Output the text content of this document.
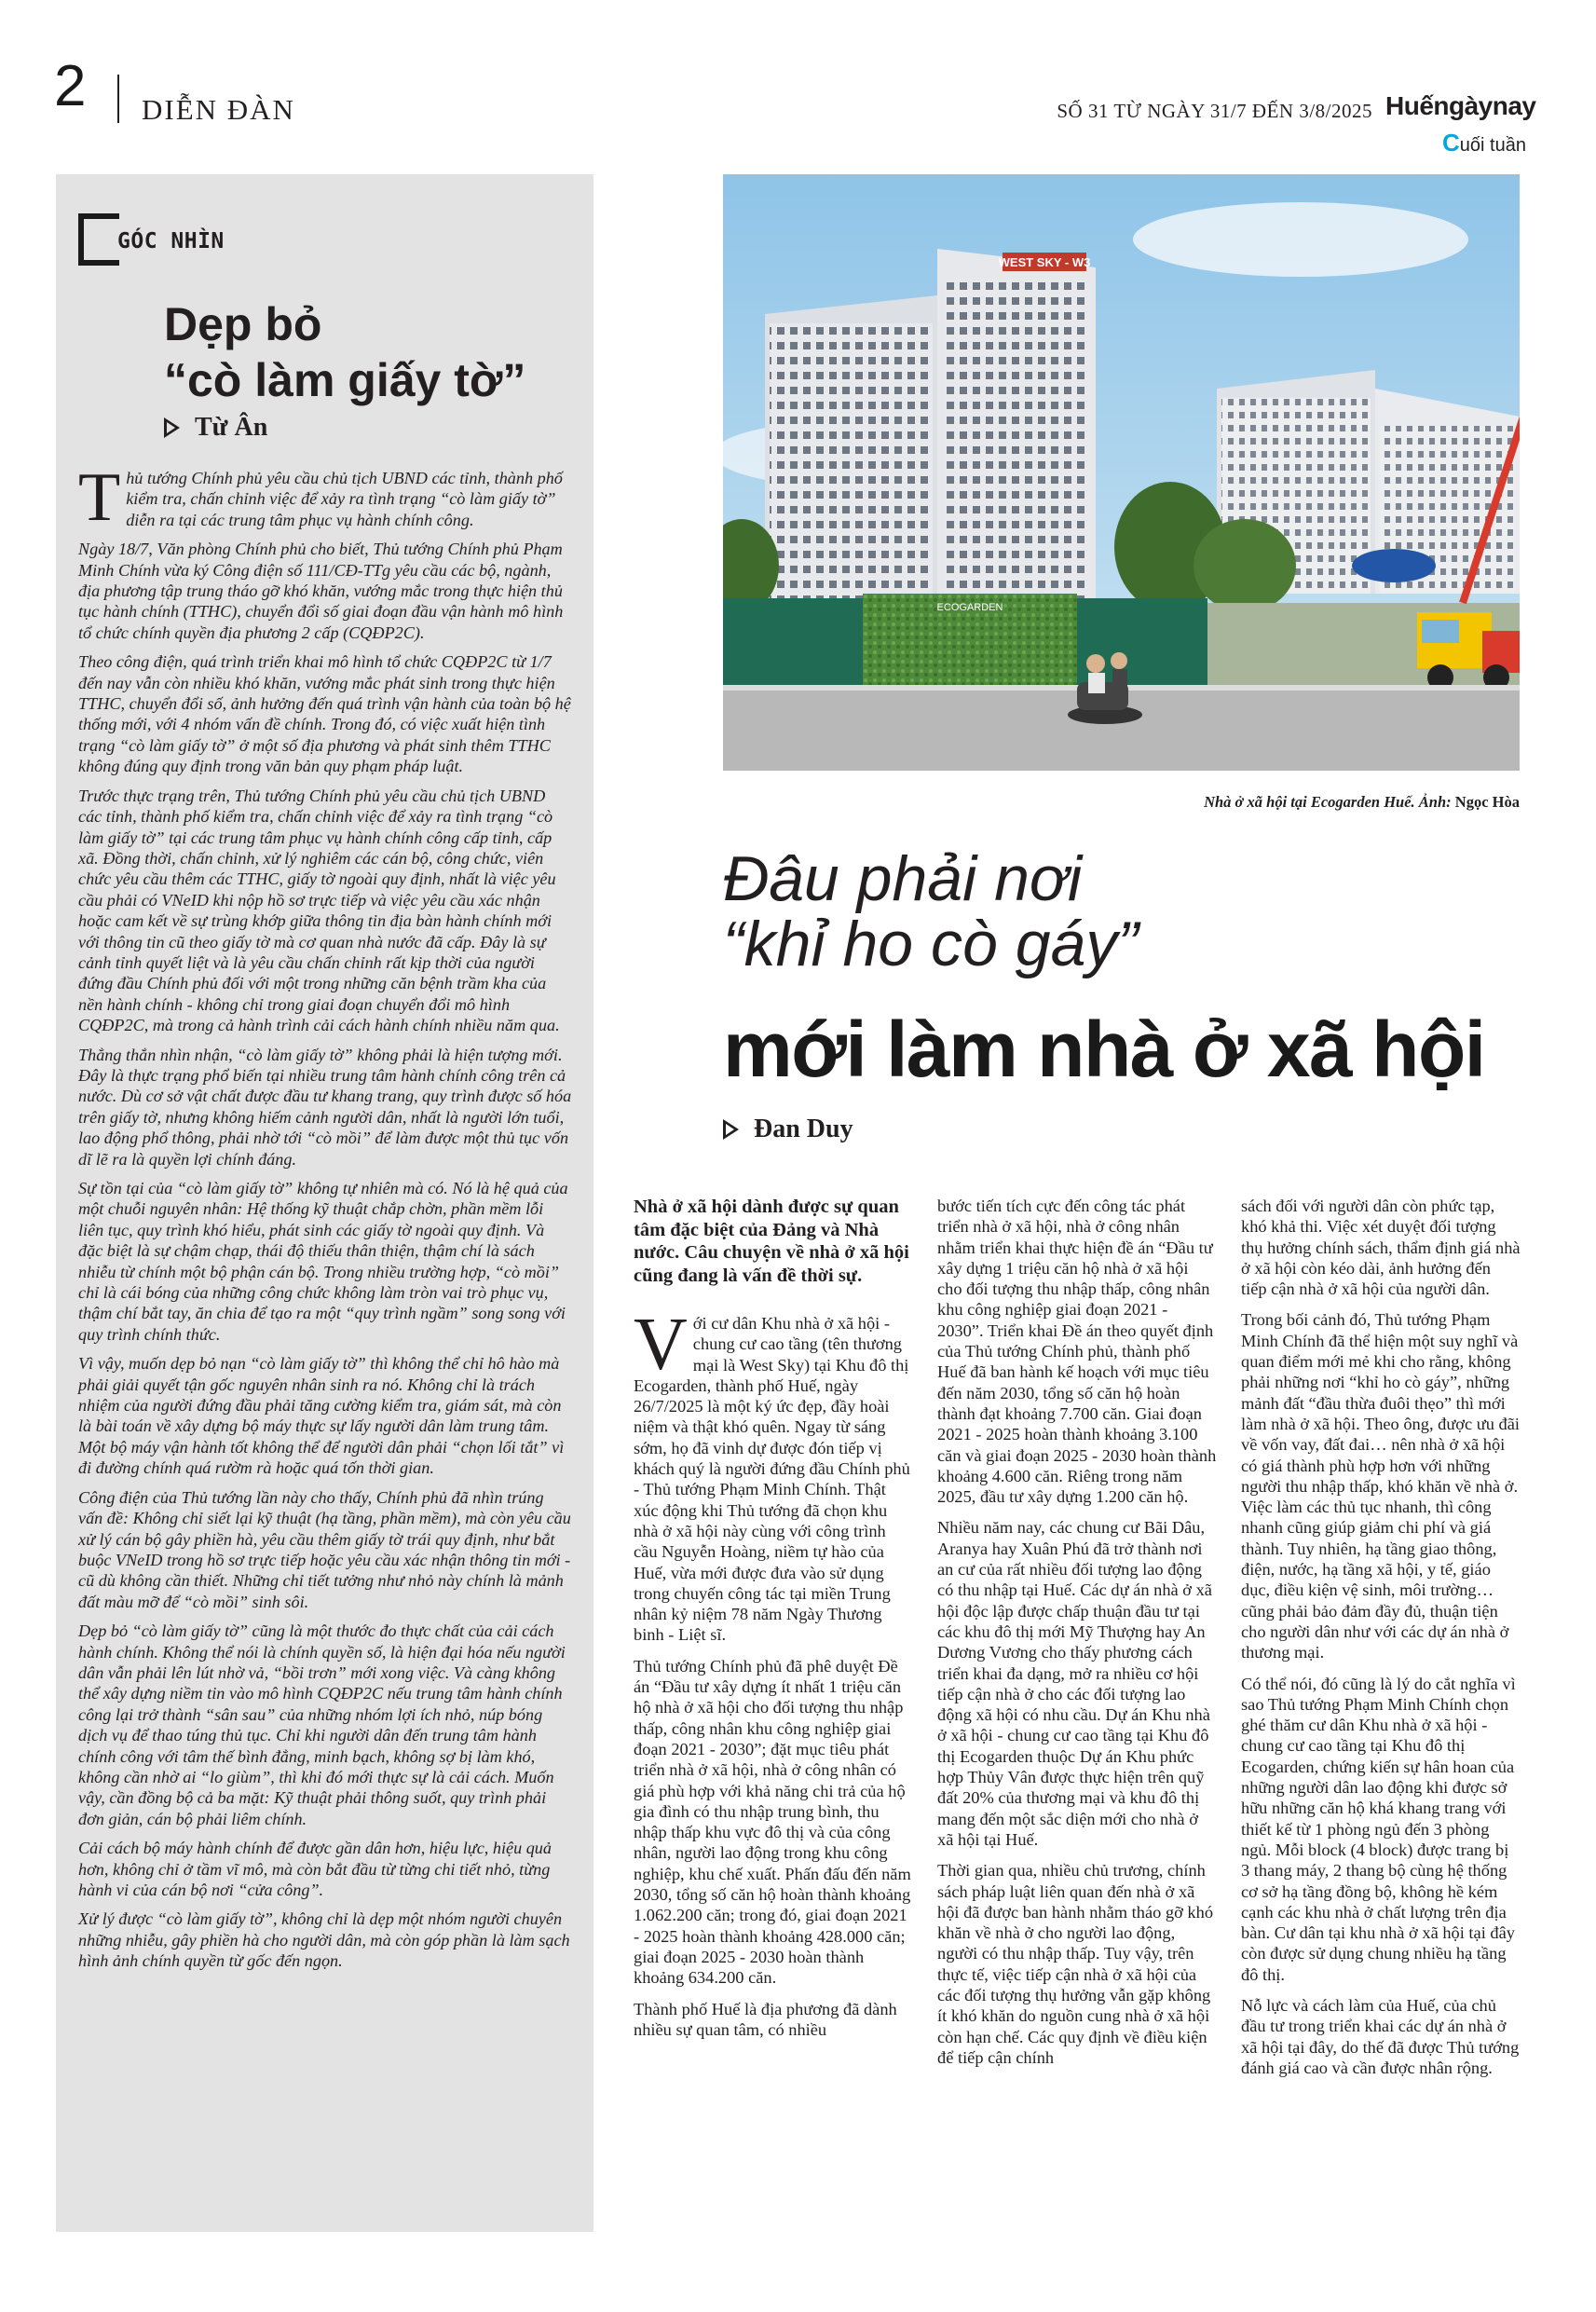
2 DIỄN ĐÀN	SỐ 31 TỪ NGÀY 31/7 ĐẾN 3/8/2025 Huếngàynay
Cuối tuần
GÓC NHÌN
Dẹp bỏ
“cò làm giấy tờ”
Từ Ân

Thủ tướng Chính phủ yêu cầu chủ tịch UBND các tỉnh, thành phố kiểm tra, chấn chỉnh việc để xảy ra tình trạng “cò làm giấy tờ” diễn ra tại các trung tâm phục vụ hành chính công.

Ngày 18/7, Văn phòng Chính phủ cho biết, Thủ tướng Chính phủ Phạm Minh Chính vừa ký Công điện số 111/CĐ-TTg yêu cầu các bộ, ngành, địa phương tập trung tháo gỡ khó khăn, vướng mắc trong thực hiện thủ tục hành chính (TTHC), chuyển đổi số giai đoạn đầu vận hành mô hình tổ chức chính quyền địa phương 2 cấp (CQĐP2C).

Theo công điện, quá trình triển khai mô hình tổ chức CQĐP2C từ 1/7 đến nay vẫn còn nhiều khó khăn, vướng mắc phát sinh trong thực hiện TTHC, chuyển đổi số, ảnh hưởng đến quá trình vận hành của toàn bộ hệ thống mới, với 4 nhóm vấn đề chính. Trong đó, có việc xuất hiện tình trạng “cò làm giấy tờ” ở một số địa phương và phát sinh thêm TTHC không đúng quy định trong văn bản quy phạm pháp luật.

Trước thực trạng trên, Thủ tướng Chính phủ yêu cầu chủ tịch UBND các tỉnh, thành phố kiểm tra, chấn chỉnh việc để xảy ra tình trạng “cò làm giấy tờ” tại các trung tâm phục vụ hành chính công cấp tỉnh, cấp xã. Đồng thời, chấn chỉnh, xử lý nghiêm các cán bộ, công chức, viên chức yêu cầu thêm các TTHC, giấy tờ ngoài quy định, nhất là việc yêu cầu phải có VNeID khi nộp hồ sơ trực tiếp và việc yêu cầu xác nhận hoặc cam kết về sự trùng khớp giữa thông tin địa bàn hành chính mới với thông tin cũ theo giấy tờ mà cơ quan nhà nước đã cấp. Đây là sự cảnh tỉnh quyết liệt và là yêu cầu chấn chỉnh rất kịp thời của người đứng đầu Chính phủ đối với một trong những căn bệnh trầm kha của nền hành chính - không chỉ trong giai đoạn chuyển đổi mô hình CQĐP2C, mà trong cả hành trình cải cách hành chính nhiều năm qua.

Thẳng thắn nhìn nhận, “cò làm giấy tờ” không phải là hiện tượng mới. Đây là thực trạng phổ biến tại nhiều trung tâm hành chính công trên cả nước. Dù cơ sở vật chất được đầu tư khang trang, quy trình được số hóa trên giấy tờ, nhưng không hiếm cảnh người dân, nhất là người lớn tuổi, lao động phổ thông, phải nhờ tới “cò mồi” để làm được một thủ tục vốn dĩ lẽ ra là quyền lợi chính đáng.

Sự tồn tại của “cò làm giấy tờ” không tự nhiên mà có. Nó là hệ quả của một chuỗi nguyên nhân: Hệ thống kỹ thuật chắp chờn, phần mềm lỗi liên tục, quy trình khó hiểu, phát sinh các giấy tờ ngoài quy định. Và đặc biệt là sự chậm chạp, thái độ thiếu thân thiện, thậm chí là sách nhiễu từ chính một bộ phận cán bộ. Trong nhiều trường hợp, “cò mồi” chỉ là cái bóng của những công chức không làm tròn vai trò phục vụ, thậm chí bắt tay, ăn chia để tạo ra một “quy trình ngầm” song song với quy trình chính thức.

Vì vậy, muốn dẹp bỏ nạn “cò làm giấy tờ” thì không thể chỉ hô hào mà phải giải quyết tận gốc nguyên nhân sinh ra nó. Không chỉ là trách nhiệm của người đứng đầu phải tăng cường kiểm tra, giám sát, mà còn là bài toán về xây dựng bộ máy thực sự lấy người dân làm trung tâm. Một bộ máy vận hành tốt không thể để người dân phải “chọn lối tắt” vì đi đường chính quá rườm rà hoặc quá tốn thời gian.

Công điện của Thủ tướng lần này cho thấy, Chính phủ đã nhìn trúng vấn đề: Không chỉ siết lại kỹ thuật (hạ tầng, phần mềm), mà còn yêu cầu xử lý cán bộ gây phiền hà, yêu cầu thêm giấy tờ trái quy định, như bắt buộc VNeID trong hồ sơ trực tiếp hoặc yêu cầu xác nhận thông tin mới - cũ dù không cần thiết. Những chỉ tiết tưởng như nhỏ này chính là mảnh đất màu mỡ để “cò mồi” sinh sôi.

Dẹp bỏ “cò làm giấy tờ” cũng là một thước đo thực chất của cải cách hành chính. Không thể nói là chính quyền số, là hiện đại hóa nếu người dân vẫn phải lên lút nhờ vả, “bồi trơn” mới xong việc. Và càng không thể xây dựng niềm tin vào mô hình CQĐP2C nếu trung tâm hành chính công lại trở thành “sân sau” của những nhóm lợi ích nhỏ, núp bóng dịch vụ để thao túng thủ tục. Chỉ khi người dân đến trung tâm hành chính công với tâm thế bình đẳng, minh bạch, không sợ bị làm khó, không cần nhờ ai “lo giùm”, thì khi đó mới thực sự là cải cách. Muốn vậy, cần đồng bộ cả ba mặt: Kỹ thuật phải thông suốt, quy trình phải đơn giản, cán bộ phải liêm chính.

Cải cách bộ máy hành chính để được gần dân hơn, hiệu lực, hiệu quả hơn, không chỉ ở tầm vĩ mô, mà còn bắt đầu từ từng chi tiết nhỏ, từng hành vi của cán bộ nơi “cửa công”.

Xử lý được “cò làm giấy tờ”, không chỉ là dẹp một nhóm người chuyên những nhiễu, gây phiền hà cho người dân, mà còn góp phần là làm sạch hình ảnh chính quyền từ gốc đến ngọn.

WEST SKY - W3
ECOGARDEN
Nhà ở xã hội tại Ecogarden Huế. Ảnh: Ngọc Hòa
Đâu phải nơi
“khỉ ho cò gáy”
mới làm nhà ở xã hội
Đan Duy

Nhà ở xã hội dành được sự quan tâm đặc biệt của Đảng và Nhà nước. Câu chuyện về nhà ở xã hội cũng đang là vấn đề thời sự.

Với cư dân Khu nhà ở xã hội - chung cư cao tầng (tên thương mại là West Sky) tại Khu đô thị Ecogarden, thành phố Huế, ngày 26/7/2025 là một ký ức đẹp, đầy hoài niệm và thật khó quên. Ngay từ sáng sớm, họ đã vinh dự được đón tiếp vị khách quý là người đứng đầu Chính phủ - Thủ tướng Phạm Minh Chính. Thật xúc động khi Thủ tướng đã chọn khu nhà ở xã hội này cùng với công trình cầu Nguyễn Hoàng, niềm tự hào của Huế, vừa mới được đưa vào sử dụng trong chuyến công tác tại miền Trung nhân kỷ niệm 78 năm Ngày Thương binh - Liệt sĩ.

Thủ tướng Chính phủ đã phê duyệt Đề án “Đầu tư xây dựng ít nhất 1 triệu căn hộ nhà ở xã hội cho đối tượng thu nhập thấp, công nhân khu công nghiệp giai đoạn 2021 - 2030”; đặt mục tiêu phát triển nhà ở xã hội, nhà ở công nhân có giá phù hợp với khả năng chi trả của hộ gia đình có thu nhập trung bình, thu nhập thấp khu vực đô thị và của công nhân, người lao động trong khu công nghiệp, khu chế xuất. Phấn đấu đến năm 2030, tổng số căn hộ hoàn thành khoảng 1.062.200 căn; trong đó, giai đoạn 2021 - 2025 hoàn thành khoảng 428.000 căn; giai đoạn 2025 - 2030 hoàn thành khoảng 634.200 căn.

Thành phố Huế là địa phương đã dành nhiều sự quan tâm, có nhiều

bước tiến tích cực đến công tác phát triển nhà ở xã hội, nhà ở công nhân nhằm triển khai thực hiện đề án “Đầu tư xây dựng 1 triệu căn hộ nhà ở xã hội cho đối tượng thu nhập thấp, công nhân khu công nghiệp giai đoạn 2021 - 2030”. Triển khai Đề án theo quyết định của Thủ tướng Chính phủ, thành phố Huế đã ban hành kế hoạch với mục tiêu đến năm 2030, tổng số căn hộ hoàn thành đạt khoảng 7.700 căn. Giai đoạn 2021 - 2025 hoàn thành khoảng 3.100 căn và giai đoạn 2025 - 2030 hoàn thành khoảng 4.600 căn. Riêng trong năm 2025, đầu tư xây dựng 1.200 căn hộ.

Nhiều năm nay, các chung cư Bãi Dâu, Aranya hay Xuân Phú đã trở thành nơi an cư của rất nhiều đối tượng lao động có thu nhập tại Huế. Các dự án nhà ở xã hội độc lập được chấp thuận đầu tư tại các khu đô thị mới Mỹ Thượng hay An Dương Vương cho thấy phương cách triển khai đa dạng, mở ra nhiều cơ hội tiếp cận nhà ở cho các đối tượng lao động xã hội có nhu cầu. Dự án Khu nhà ở xã hội - chung cư cao tầng tại Khu đô thị Ecogarden thuộc Dự án Khu phức hợp Thủy Vân được thực hiện trên quỹ đất 20% của thương mại và khu đô thị mang đến một sắc diện mới cho nhà ở xã hội tại Huế.

Thời gian qua, nhiều chủ trương, chính sách pháp luật liên quan đến nhà ở xã hội đã được ban hành nhằm tháo gỡ khó khăn về nhà ở cho người lao động, người có thu nhập thấp. Tuy vậy, trên thực tế, việc tiếp cận nhà ở xã hội của các đối tượng thụ hưởng vẫn gặp không ít khó khăn do nguồn cung nhà ở xã hội còn hạn chế. Các quy định về điều kiện để tiếp cận chính

sách đối với người dân còn phức tạp, khó khả thi. Việc xét duyệt đối tượng thụ hưởng chính sách, thẩm định giá nhà ở xã hội còn kéo dài, ảnh hưởng đến tiếp cận nhà ở xã hội của người dân.

Trong bối cảnh đó, Thủ tướng Phạm Minh Chính đã thể hiện một suy nghĩ và quan điểm mới mẻ khi cho rằng, không phải những nơi “khỉ ho cò gáy”, những mảnh đất “đầu thừa đuôi thẹo” thì mới làm nhà ở xã hội. Theo ông, được ưu đãi về vốn vay, đất đai… nên nhà ở xã hội có giá thành phù hợp hơn với những người thu nhập thấp, khó khăn về nhà ở. Việc làm các thủ tục nhanh, thì công nhanh cũng giúp giảm chi phí và giá thành. Tuy nhiên, hạ tầng giao thông, điện, nước, hạ tầng xã hội, y tế, giáo dục, điều kiện vệ sinh, môi trường… cũng phải bảo đảm đầy đủ, thuận tiện cho người dân như với các dự án nhà ở thương mại.

Có thể nói, đó cũng là lý do cắt nghĩa vì sao Thủ tướng Phạm Minh Chính chọn ghé thăm cư dân Khu nhà ở xã hội - chung cư cao tầng tại Khu đô thị Ecogarden, chứng kiến sự hân hoan của những người dân lao động khi được sở hữu những căn hộ khá khang trang với thiết kế từ 1 phòng ngủ đến 3 phòng ngủ. Mỗi block (4 block) được trang bị 3 thang máy, 2 thang bộ cùng hệ thống cơ sở hạ tầng đồng bộ, không hề kém cạnh các khu nhà ở chất lượng trên địa bàn. Cư dân tại khu nhà ở xã hội tại đây còn được sử dụng chung nhiều hạ tầng đô thị.

Nỗ lực và cách làm của Huế, của chủ đầu tư trong triển khai các dự án nhà ở xã hội tại đây, do thế đã được Thủ tướng đánh giá cao và cần được nhân rộng.
